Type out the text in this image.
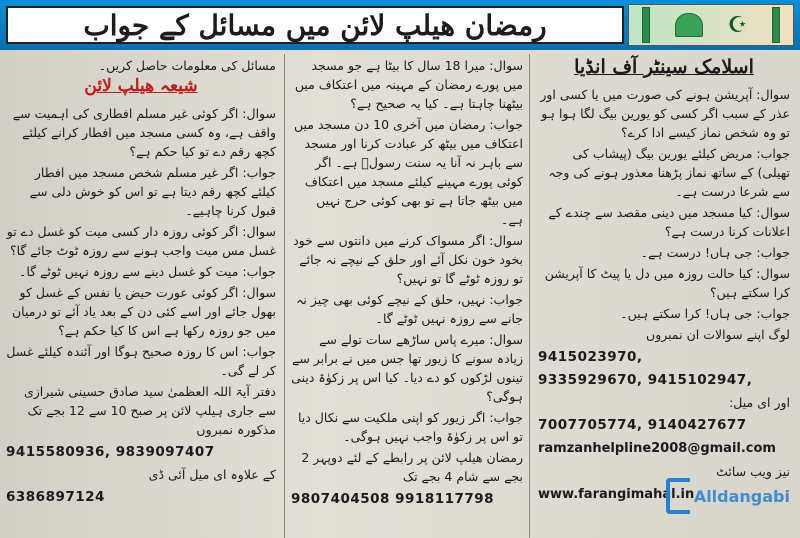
رمضان ھیلپ لائن میں مسائل کے جواب	☪
اسلامک سینٹر آف انڈیا

سوال: آپریشن ہونے کی صورت میں یا کسی اور عذر کے سبب اگر کسی کو یورین بیگ لگا ہوا ہو تو وہ شخص نماز کیسے ادا کرے؟

جواب: مریض کیلئے یورین بیگ (پیشاب کی تھیلی) کے ساتھ نماز پڑھنا معذور ہونے کی وجہ سے شرعا درست ہے۔

سوال: کیا مسجد میں دینی مقصد سے چندے کے اعلانات کرنا درست ہے؟

جواب: جی ہاں! درست ہے۔

سوال: کیا حالت روزہ میں دل یا پیٹ کا آپریشن کرا سکتے ہیں؟

جواب: جی ہاں! کرا سکتے ہیں۔

لوگ اپنے سوالات ان نمبروں

9415023970,
9335929670, 9415102947,

اور ای میل:

7007705774, 9140427677
ramzanhelpline2008@gmail.com

نیز ویب سائٹ

www.farangimahal.in

سوال: میرا 18 سال کا بیٹا ہے جو مسجد میں پورے رمضان کے مہینہ میں اعتکاف میں بیٹھنا چاہتا ہے۔ کیا یہ صحیح ہے؟

جواب: رمضان میں آخری 10 دن مسجد میں اعتکاف میں بیٹھ کر عبادت کرنا اور مسجد سے باہر نہ آنا یہ سنت رسولؐ ہے۔ اگر کوئی پورے مہینے کیلئے مسجد میں اعتکاف میں بیٹھ جاتا ہے تو بھی کوئی حرج نہیں ہے۔

سوال: اگر مسواک کرنے میں دانتوں سے خود بخود خون نکل آئے اور حلق کے نیچے نہ جائے تو روزہ ٹوٹے گا تو نہیں؟

جواب: نہیں، حلق کے نیچے کوئی بھی چیز نہ جانے سے روزہ نہیں ٹوٹے گا۔

سوال: میرے پاس ساڑھے سات تولے سے زیادہ سونے کا زیور تھا جس میں نے برابر سے تینوں لڑکوں کو دے دیا۔ کیا اس پر زکوٰۃ دینی ہوگی؟

جواب: اگر زیور کو اپنی ملکیت سے نکال دیا تو اس پر زکوٰۃ واجب نہیں ہوگی۔

رمضان ھیلپ لائن پر رابطے کے لئے دوپہر 2 بجے سے شام 4 بجے تک

9807404508 9918117798

مسائل کی معلومات حاصل کریں۔

شیعہ ھیلپ لائن

سوال: اگر کوئی غیر مسلم افطاری کی اہمیت سے واقف ہے، وہ کسی مسجد میں افطار کرانے کیلئے کچھ رقم دے تو کیا حکم ہے؟

جواب: اگر غیر مسلم شخص مسجد میں افطار کیلئے کچھ رقم دیتا ہے تو اس کو خوش دلی سے قبول کرنا چاہیے۔

سوال: اگر کوئی روزہ دار کسی میت کو غسل دے تو غسل مس میت واجب ہونے سے روزہ ٹوٹ جائے گا؟

جواب: میت کو غسل دینے سے روزہ نہیں ٹوٹے گا۔

سوال: اگر کوئی عورت حیض یا نفس کے غسل کو بھول جائے اور اسے کئی دن کے بعد یاد آئے تو درمیان میں جو روزہ رکھا ہے اس کا کیا حکم ہے؟

جواب: اس کا روزہ صحیح ہوگا اور آئندہ کیلئے غسل کر لے گی۔

دفتر آیۃ اللہ العظمیٰ سید صادق حسینی شیرازی سے جاری ہیلپ لائن پر صبح 10 سے 12 بجے تک مذکورہ نمبروں

9415580936, 9839097407

کے علاوہ ای میل آئی ڈی

6386897124	Alldangabi
